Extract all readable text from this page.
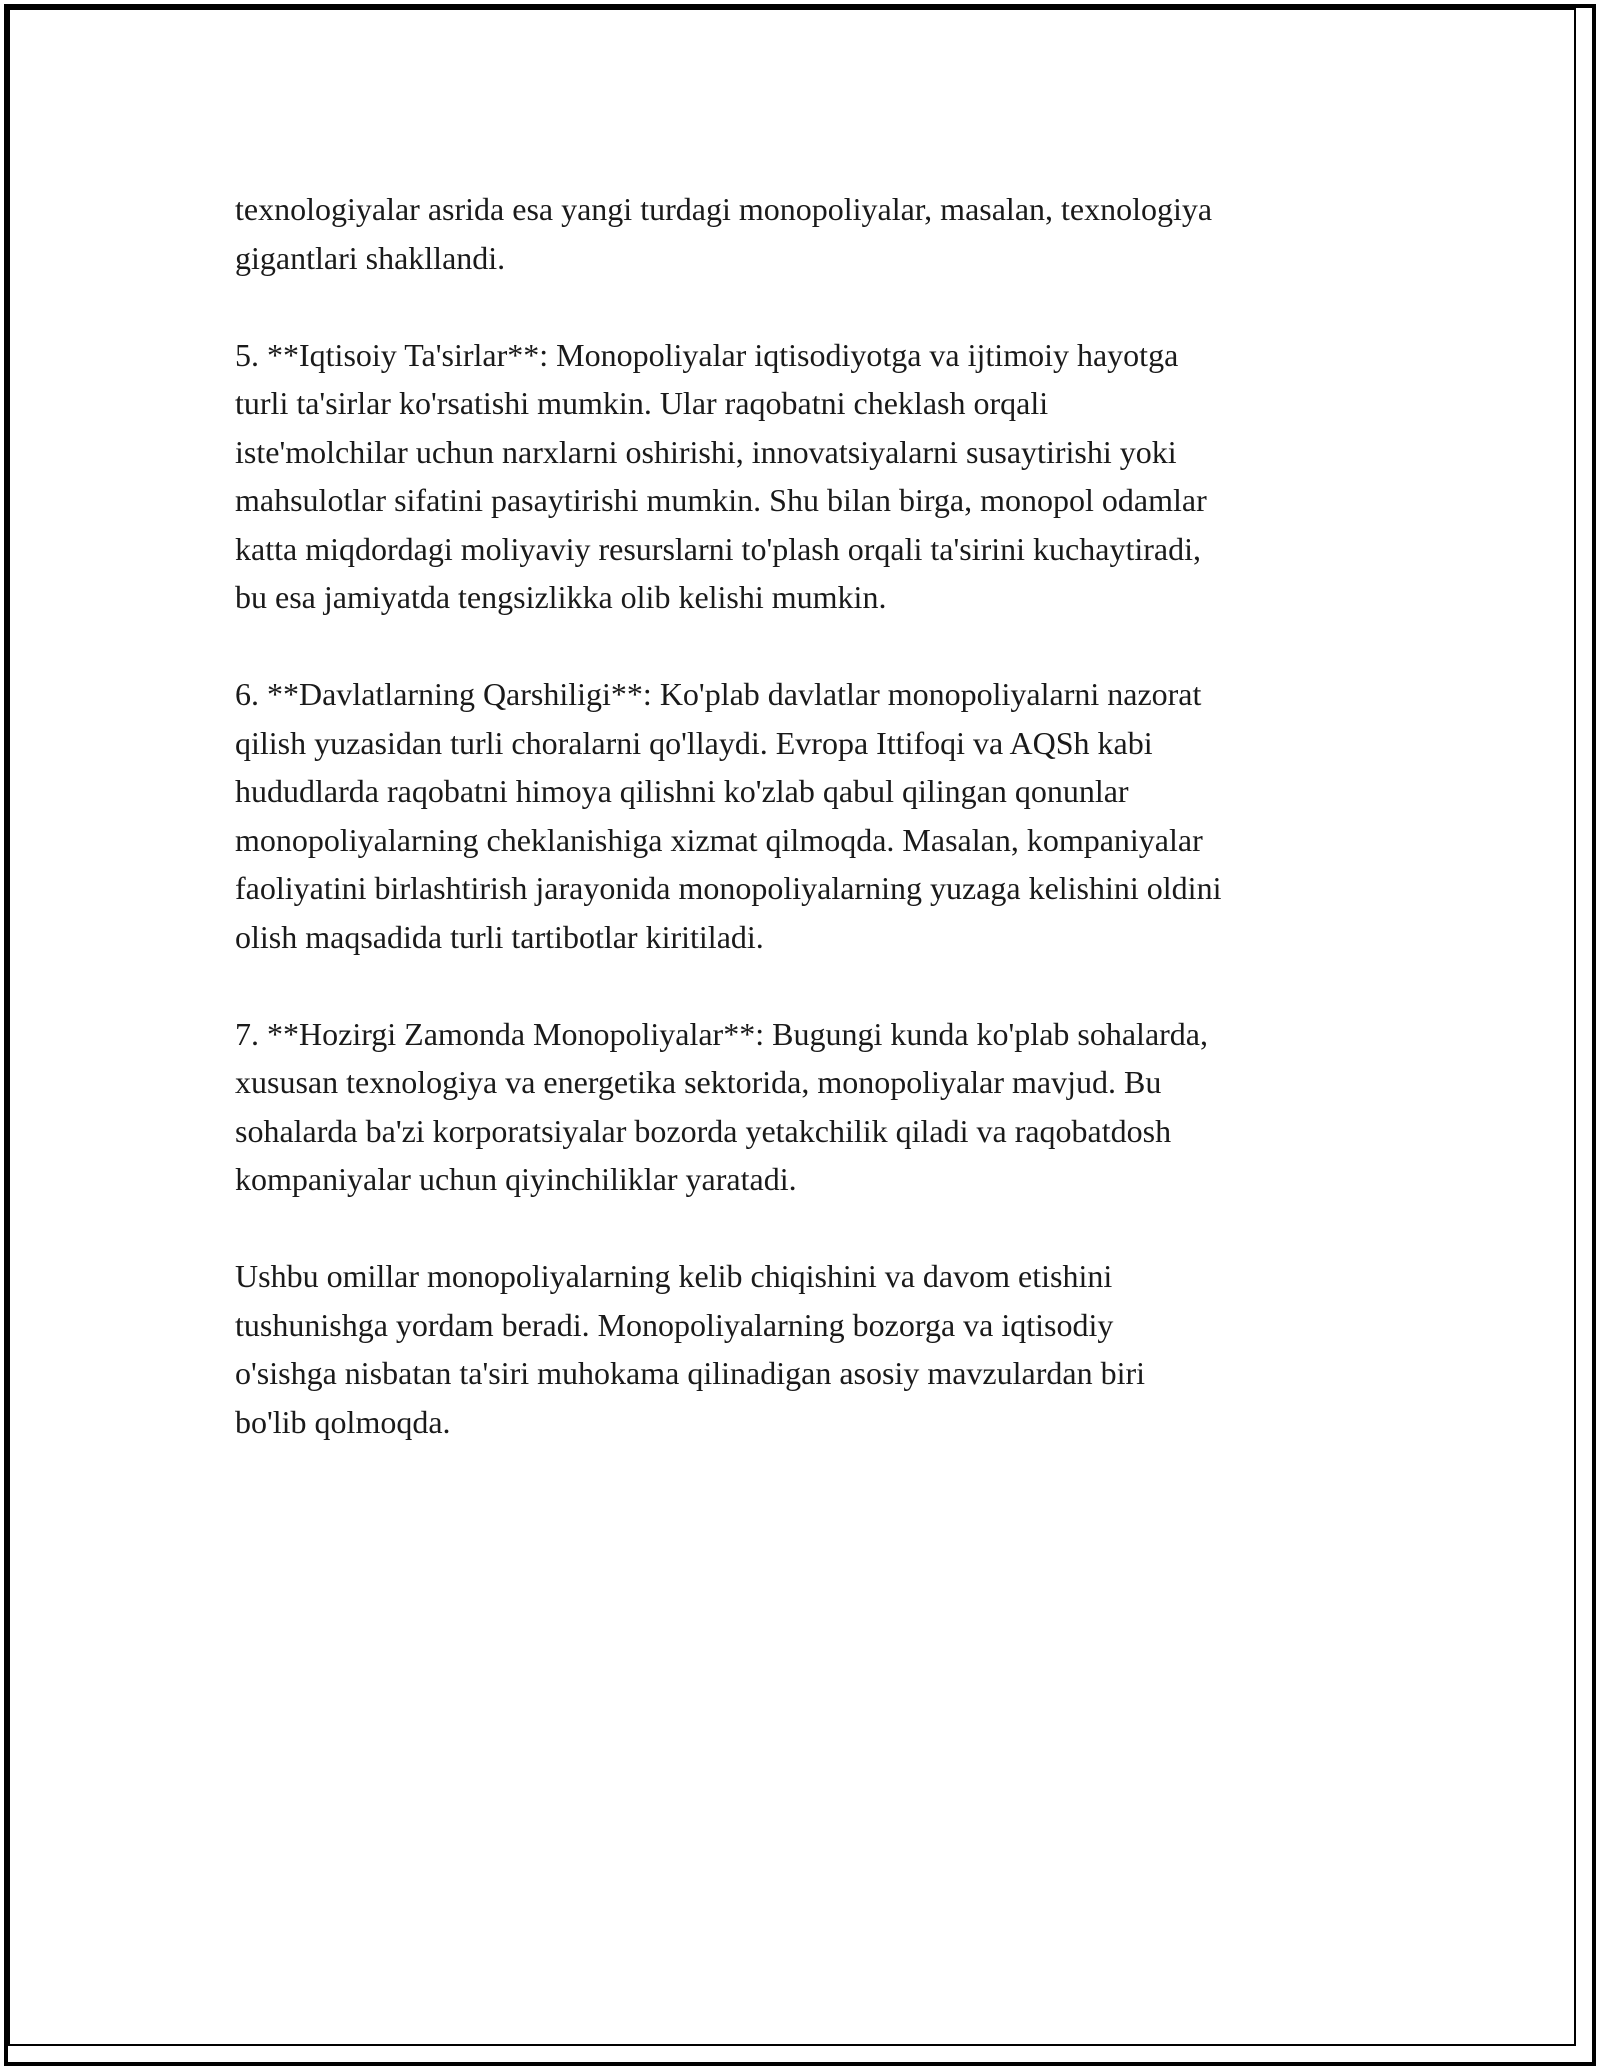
texnologiyalar asrida esa yangi turdagi monopoliyalar, masalan, texnologiya
gigantlari shakllandi.

5. **Iqtisoiy Ta'sirlar**: Monopoliyalar iqtisodiyotga va ijtimoiy hayotga
turli ta'sirlar ko'rsatishi mumkin. Ular raqobatni cheklash orqali
iste'molchilar uchun narxlarni oshirishi, innovatsiyalarni susaytirishi yoki
mahsulotlar sifatini pasaytirishi mumkin. Shu bilan birga, monopol odamlar
katta miqdordagi moliyaviy resurslarni to'plash orqali ta'sirini kuchaytiradi,
bu esa jamiyatda tengsizlikka olib kelishi mumkin.

6. **Davlatlarning Qarshiligi**: Ko'plab davlatlar monopoliyalarni nazorat
qilish yuzasidan turli choralarni qo'llaydi. Evropa Ittifoqi va AQSh kabi
hududlarda raqobatni himoya qilishni ko'zlab qabul qilingan qonunlar
monopoliyalarning cheklanishiga xizmat qilmoqda. Masalan, kompaniyalar
faoliyatini birlashtirish jarayonida monopoliyalarning yuzaga kelishini oldini
olish maqsadida turli tartibotlar kiritiladi.

7. **Hozirgi Zamonda Monopoliyalar**: Bugungi kunda ko'plab sohalarda,
xususan texnologiya va energetika sektorida, monopoliyalar mavjud. Bu
sohalarda ba'zi korporatsiyalar bozorda yetakchilik qiladi va raqobatdosh
kompaniyalar uchun qiyinchiliklar yaratadi.

Ushbu omillar monopoliyalarning kelib chiqishini va davom etishini
tushunishga yordam beradi. Monopoliyalarning bozorga va iqtisodiy
o'sishga nisbatan ta'siri muhokama qilinadigan asosiy mavzulardan biri
bo'lib qolmoqda.
